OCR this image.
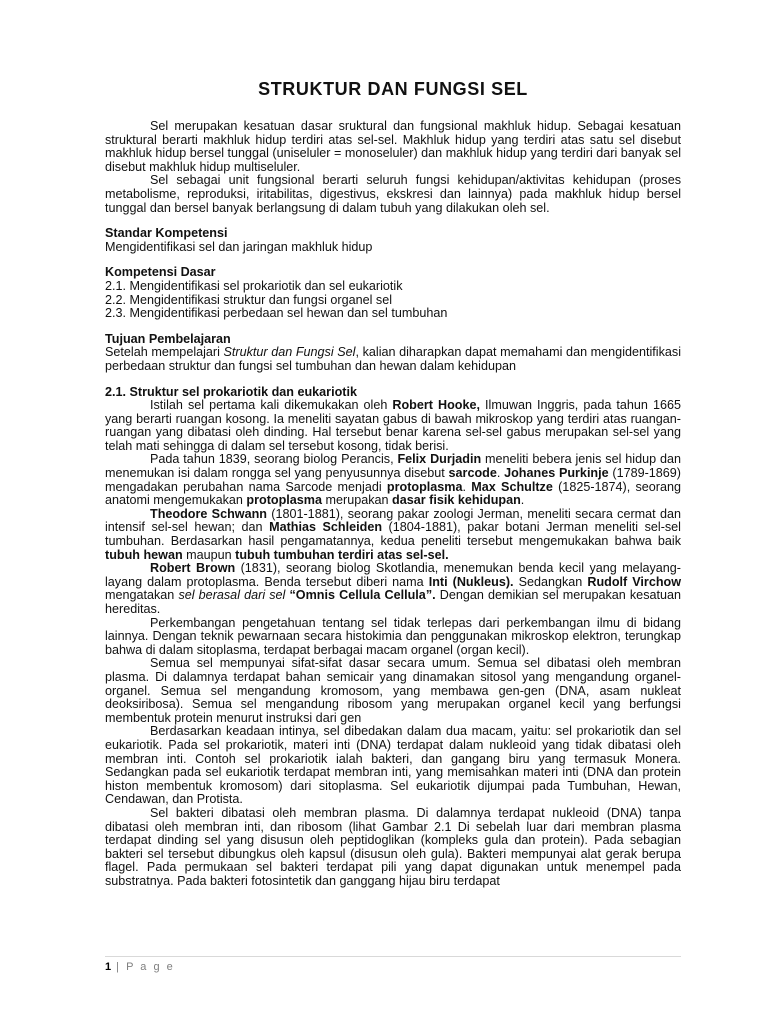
STRUKTUR DAN FUNGSI SEL

Sel merupakan kesatuan dasar sruktural dan fungsional makhluk hidup. Sebagai kesatuan struktural berarti makhluk hidup terdiri atas sel-sel. Makhluk hidup yang terdiri atas satu sel disebut makhluk hidup bersel tunggal (uniseluler = monoseluler) dan makhluk hidup yang terdiri dari banyak sel disebut makhluk hidup multiseluler.

Sel sebagai unit fungsional berarti seluruh fungsi kehidupan/aktivitas kehidupan (proses metabolisme, reproduksi, iritabilitas, digestivus, ekskresi dan lainnya) pada makhluk hidup bersel tunggal dan bersel banyak berlangsung di dalam tubuh yang dilakukan oleh sel.

Standar Kompetensi

Mengidentifikasi sel dan jaringan makhluk hidup

Kompetensi Dasar

2.1. Mengidentifikasi sel prokariotik dan sel eukariotik

2.2. Mengidentifikasi struktur dan fungsi organel sel

2.3. Mengidentifikasi perbedaan sel hewan dan sel tumbuhan

Tujuan Pembelajaran

Setelah mempelajari Struktur dan Fungsi Sel, kalian diharapkan dapat memahami dan mengidentifikasi perbedaan struktur dan fungsi sel tumbuhan dan hewan dalam kehidupan

2.1. Struktur sel prokariotik dan eukariotik

Istilah sel pertama kali dikemukakan oleh Robert Hooke, Ilmuwan Inggris, pada tahun 1665 yang berarti ruangan kosong. Ia meneliti sayatan gabus di bawah mikroskop yang terdiri atas ruangan-ruangan yang dibatasi oleh dinding. Hal tersebut benar karena sel-sel gabus merupakan sel-sel yang telah mati sehingga di dalam sel tersebut kosong, tidak berisi.

Pada tahun 1839, seorang biolog Perancis, Felix Durjadin meneliti bebera jenis sel hidup dan menemukan isi dalam rongga sel yang penyusunnya disebut sarcode. Johanes Purkinje (1789-1869) mengadakan perubahan nama Sarcode menjadi protoplasma. Max Schultze (1825-1874), seorang anatomi mengemukakan protoplasma merupakan dasar fisik kehidupan.

Theodore Schwann (1801-1881), seorang pakar zoologi Jerman, meneliti secara cermat dan intensif sel-sel hewan; dan Mathias Schleiden (1804-1881), pakar botani Jerman meneliti sel-sel tumbuhan. Berdasarkan hasil pengamatannya, kedua peneliti tersebut mengemukakan bahwa baik tubuh hewan maupun tubuh tumbuhan terdiri atas sel-sel.

Robert Brown (1831), seorang biolog Skotlandia, menemukan benda kecil yang melayang-layang dalam protoplasma. Benda tersebut diberi nama Inti (Nukleus). Sedangkan Rudolf Virchow mengatakan sel berasal dari sel “Omnis Cellula Cellula”. Dengan demikian sel merupakan kesatuan hereditas.

Perkembangan pengetahuan tentang sel tidak terlepas dari perkembangan ilmu di bidang lainnya. Dengan teknik pewarnaan secara histokimia dan penggunakan mikroskop elektron, terungkap bahwa di dalam sitoplasma, terdapat berbagai macam organel (organ kecil).

Semua sel mempunyai sifat-sifat dasar secara umum. Semua sel dibatasi oleh membran plasma. Di dalamnya terdapat bahan semicair yang dinamakan sitosol yang mengandung organel-organel. Semua sel mengandung kromosom, yang membawa gen-gen (DNA, asam nukleat deoksiribosa). Semua sel mengandung ribosom yang merupakan organel kecil yang berfungsi membentuk protein menurut instruksi dari gen

Berdasarkan keadaan intinya, sel dibedakan dalam dua macam, yaitu: sel prokariotik dan sel eukariotik. Pada sel prokariotik, materi inti (DNA) terdapat dalam nukleoid yang tidak dibatasi oleh membran inti. Contoh sel prokariotik ialah bakteri, dan gangang biru yang termasuk Monera. Sedangkan pada sel eukariotik terdapat membran inti, yang memisahkan materi inti (DNA dan protein histon membentuk kromosom) dari sitoplasma. Sel eukariotik dijumpai pada Tumbuhan, Hewan, Cendawan, dan Protista.

Sel bakteri dibatasi oleh membran plasma. Di dalamnya terdapat nukleoid (DNA) tanpa dibatasi oleh membran inti, dan ribosom (lihat Gambar 2.1 Di sebelah luar dari membran plasma terdapat dinding sel yang disusun oleh peptidoglikan (kompleks gula dan protein). Pada sebagian bakteri sel tersebut dibungkus oleh kapsul (disusun oleh gula). Bakteri mempunyai alat gerak berupa flagel. Pada permukaan sel bakteri terdapat pili yang dapat digunakan untuk menempel pada substratnya. Pada bakteri fotosintetik dan ganggang hijau biru terdapat

1 | P a g e
